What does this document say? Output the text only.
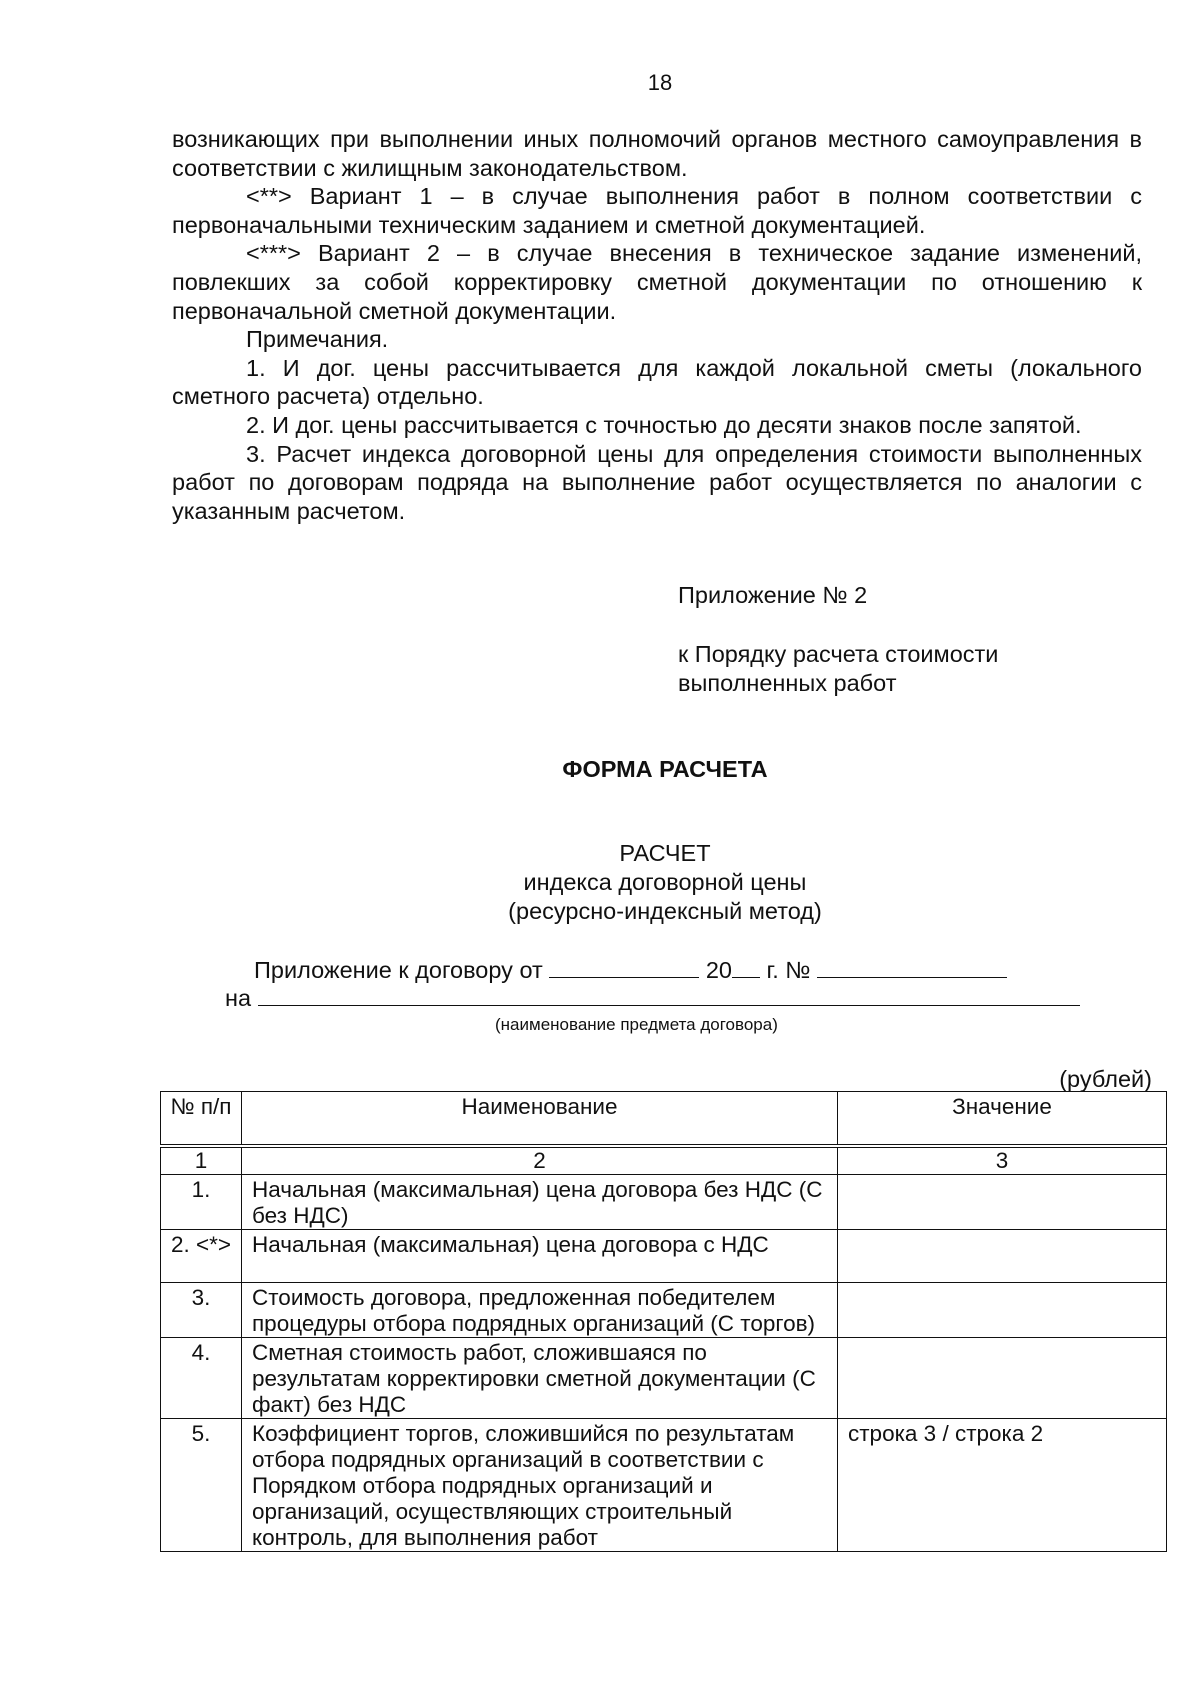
18

возникающих при выполнении иных полномочий органов местного самоуправления в соответствии с жилищным законодательством.

<**> Вариант 1 – в случае выполнения работ в полном соответствии с первоначальными техническим заданием и сметной документацией.

<***> Вариант 2 – в случае внесения в техническое задание изменений, повлекших за собой корректировку сметной документации по отношению к первоначальной сметной документации.

Примечания.

1. И дог. цены рассчитывается для каждой локальной сметы (локального сметного расчета) отдельно.

2. И дог. цены рассчитывается с точностью до десяти знаков после запятой.

3. Расчет индекса договорной цены для определения стоимости выполненных работ по договорам подряда на выполнение работ осуществляется по аналогии с указанным расчетом.

Приложение № 2
к Порядку расчета стоимости
выполненных работ
ФОРМА РАСЧЕТА
РАСЧЕТ
индекса договорной цены
(ресурсно-индексный метод)
Приложение к договору от	20 г. №
на
(наименование предмета договора)
(рублей)
№ п/п	Наименование	Значение
1	2	3
1.	Начальная (максимальная) цена договора без НДС (С без НДС)	
2. <*>	Начальная (максимальная) цена договора с НДС	
3.	Стоимость договора, предложенная победителем процедуры отбора подрядных организаций (С торгов)	
4.	Сметная стоимость работ, сложившаяся по результатам корректировки сметной документации (С факт) без НДС	
5.	Коэффициент торгов, сложившийся по результатам отбора подрядных организаций в соответствии с Порядком отбора подрядных организаций и организаций, осуществляющих строительный контроль, для выполнения работ	строка 3 / строка 2
